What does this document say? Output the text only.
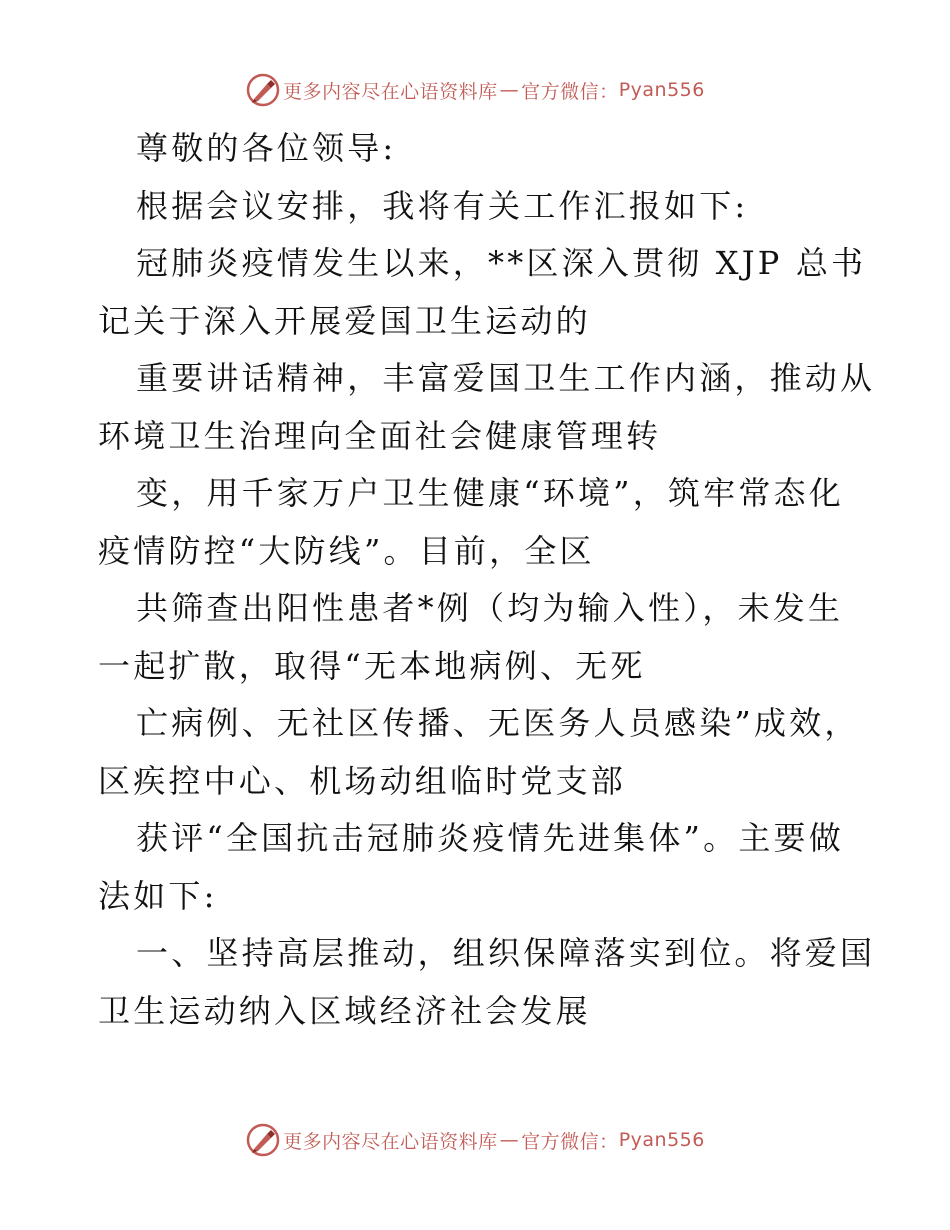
更多内容尽在心语资料库 — 官方微信： Pyan556
尊敬的各位领导:
根据会议安排，我将有关工作汇报如下:
冠肺炎疫情发生以来，**区深入贯彻 XJP 总书
记关于深入开展爱国卫生运动的
重要讲话精神，丰富爱国卫生工作内涵，推动从
环境卫生治理向全面社会健康管理转
变，用千家万户卫生健康“环境”，筑牢常态化
疫情防控“大防线”。目前，全区
共筛查出阳性患者*例（均为输入性），未发生
一起扩散，取得“无本地病例、无死
亡病例、无社区传播、无医务人员感染”成效，
区疾控中心、机场动组临时党支部
获评“全国抗击冠肺炎疫情先进集体”。主要做
法如下:
一、坚持高层推动，组织保障落实到位。将爱国
卫生运动纳入区域经济社会发展
更多内容尽在心语资料库 — 官方微信： Pyan556
